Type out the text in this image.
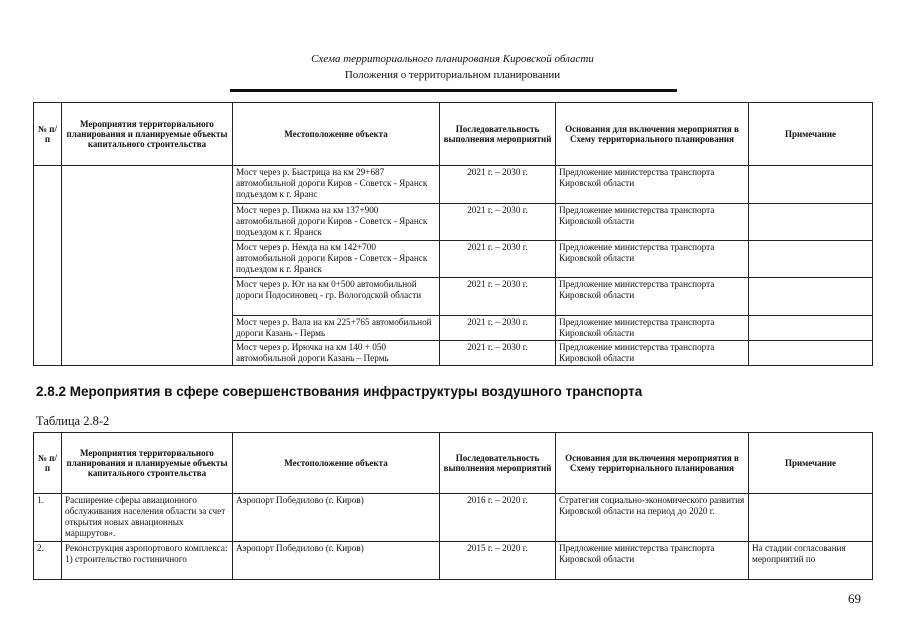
Схема территориального планирования Кировской области
Положения о территориальном планировании
№ п/п	Мероприятия территориального планирования и планируемые объекты капитального строительства	Местоположение объекта	Последовательность выполнения мероприятий	Основания для включения мероприятия в Схему территориального планирования	Примечание
		Мост через р. Быстрица на км 29+687 автомобильной дороги Киров - Советск - Яранск подъездом к г. Яранс	2021 г. – 2030 г.	Предложение министерства транспорта Кировской области	
		Мост через р. Пижма на км 137+900 автомобильной дороги Киров - Советск - Яранск подъездом к г. Яранск	2021 г. – 2030 г.	Предложение министерства транспорта Кировской области	
		Мост через р. Немда на км 142+700 автомобильной дороги Киров - Советск - Яранск подъездом к г. Яранск	2021 г. – 2030 г.	Предложение министерства транспорта Кировской области	
		Мост через р. Юг на км 0+500 автомобильной дороги Подосиновец - гр. Вологодской области	2021 г. – 2030 г.	Предложение министерства транспорта Кировской области	
		Мост через р. Вала на км 225+765 автомобильной дороги Казань - Пермь	2021 г. – 2030 г.	Предложение министерства транспорта Кировской области	
		Мост через р. Ирючка на км 140 + 050 автомобильной дороги Казань – Пермь	2021 г. – 2030 г.	Предложение министерства транспорта Кировской области	
2.8.2 Мероприятия в сфере совершенствования инфраструктуры воздушного транспорта
Таблица 2.8-2
№ п/п	Мероприятия территориального планирования и планируемые объекты капитального строительства	Местоположение объекта	Последовательность выполнения мероприятий	Основания для включения мероприятия в Схему территориального планирования	Примечание
1.	Расширение сферы авиационного обслуживания населения области за счет открытия новых авиационных маршрутов».	Аэропорт Победилово (г. Киров)	2016 г. – 2020 г.	Стратегия социально-экономического развития Кировской области на период до 2020 г.	
2.	Реконструкция аэропортового комплекса: 1) строительство гостиничного	Аэропорт Победилово (г. Киров)	2015 г. – 2020 г.	Предложение министерства транспорта Кировской области	На стадии согласования мероприятий по
69
